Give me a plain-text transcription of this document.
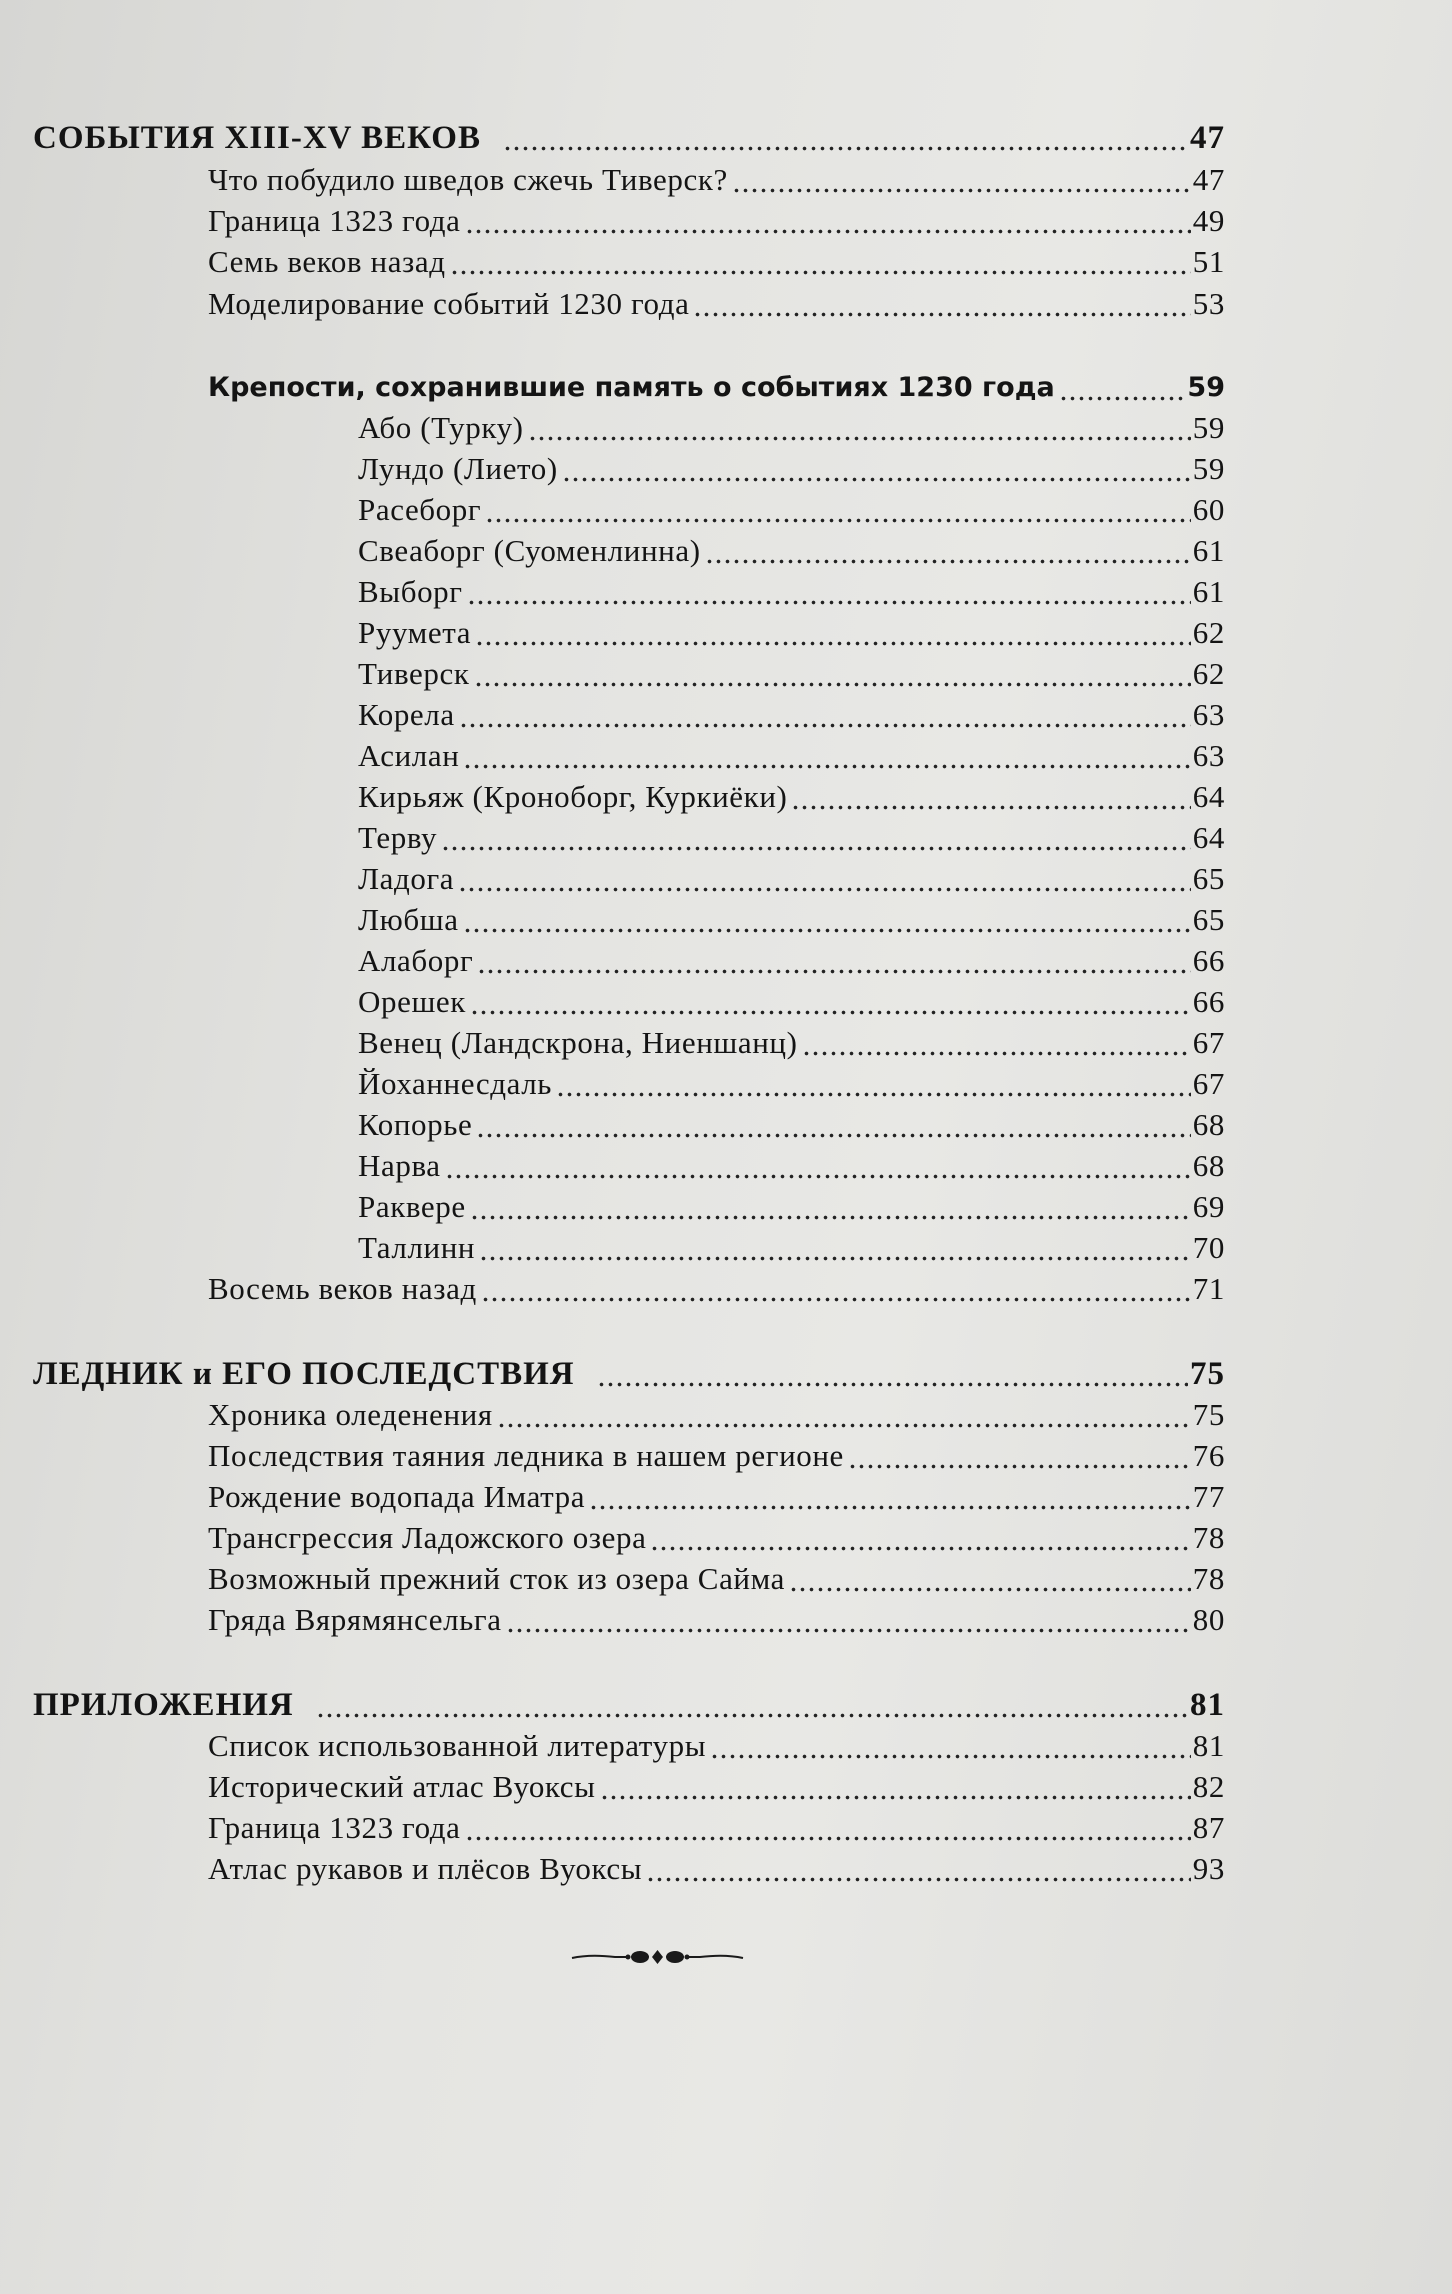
СОБЫТИЯ XIII-XV ВЕКОВ	47
Что побудило шведов сжечь Тиверск?	47
Граница 1323 года	49
Семь веков назад	51
Моделирование событий 1230 года	53
Крепости, сохранившие память о событиях 1230 года	59
Або (Турку)	59
Лундо (Лието)	59
Расеборг	60
Свеаборг (Суоменлинна)	61
Выборг	61
Руумета	62
Тиверск	62
Корела	63
Асилан	63
Кирьяж (Кроноборг, Куркиёки)	64
Терву	64
Ладога	65
Любша	65
Алаборг	66
Орешек	66
Венец (Ландскрона, Ниеншанц)	67
Йоханнесдаль	67
Копорье	68
Нарва	68
Раквере	69
Таллинн	70
Восемь веков назад	71
ЛЕДНИК и ЕГО ПОСЛЕДСТВИЯ	75
Хроника оледенения	75
Последствия таяния ледника в нашем регионе	76
Рождение водопада Иматра	77
Трансгрессия Ладожского озера	78
Возможный прежний сток из озера Сайма	78
Гряда Вярямянсельга	80
ПРИЛОЖЕНИЯ	81
Список использованной литературы	81
Исторический атлас Вуоксы	82
Граница 1323 года	87
Атлас рукавов и плёсов Вуоксы	93
